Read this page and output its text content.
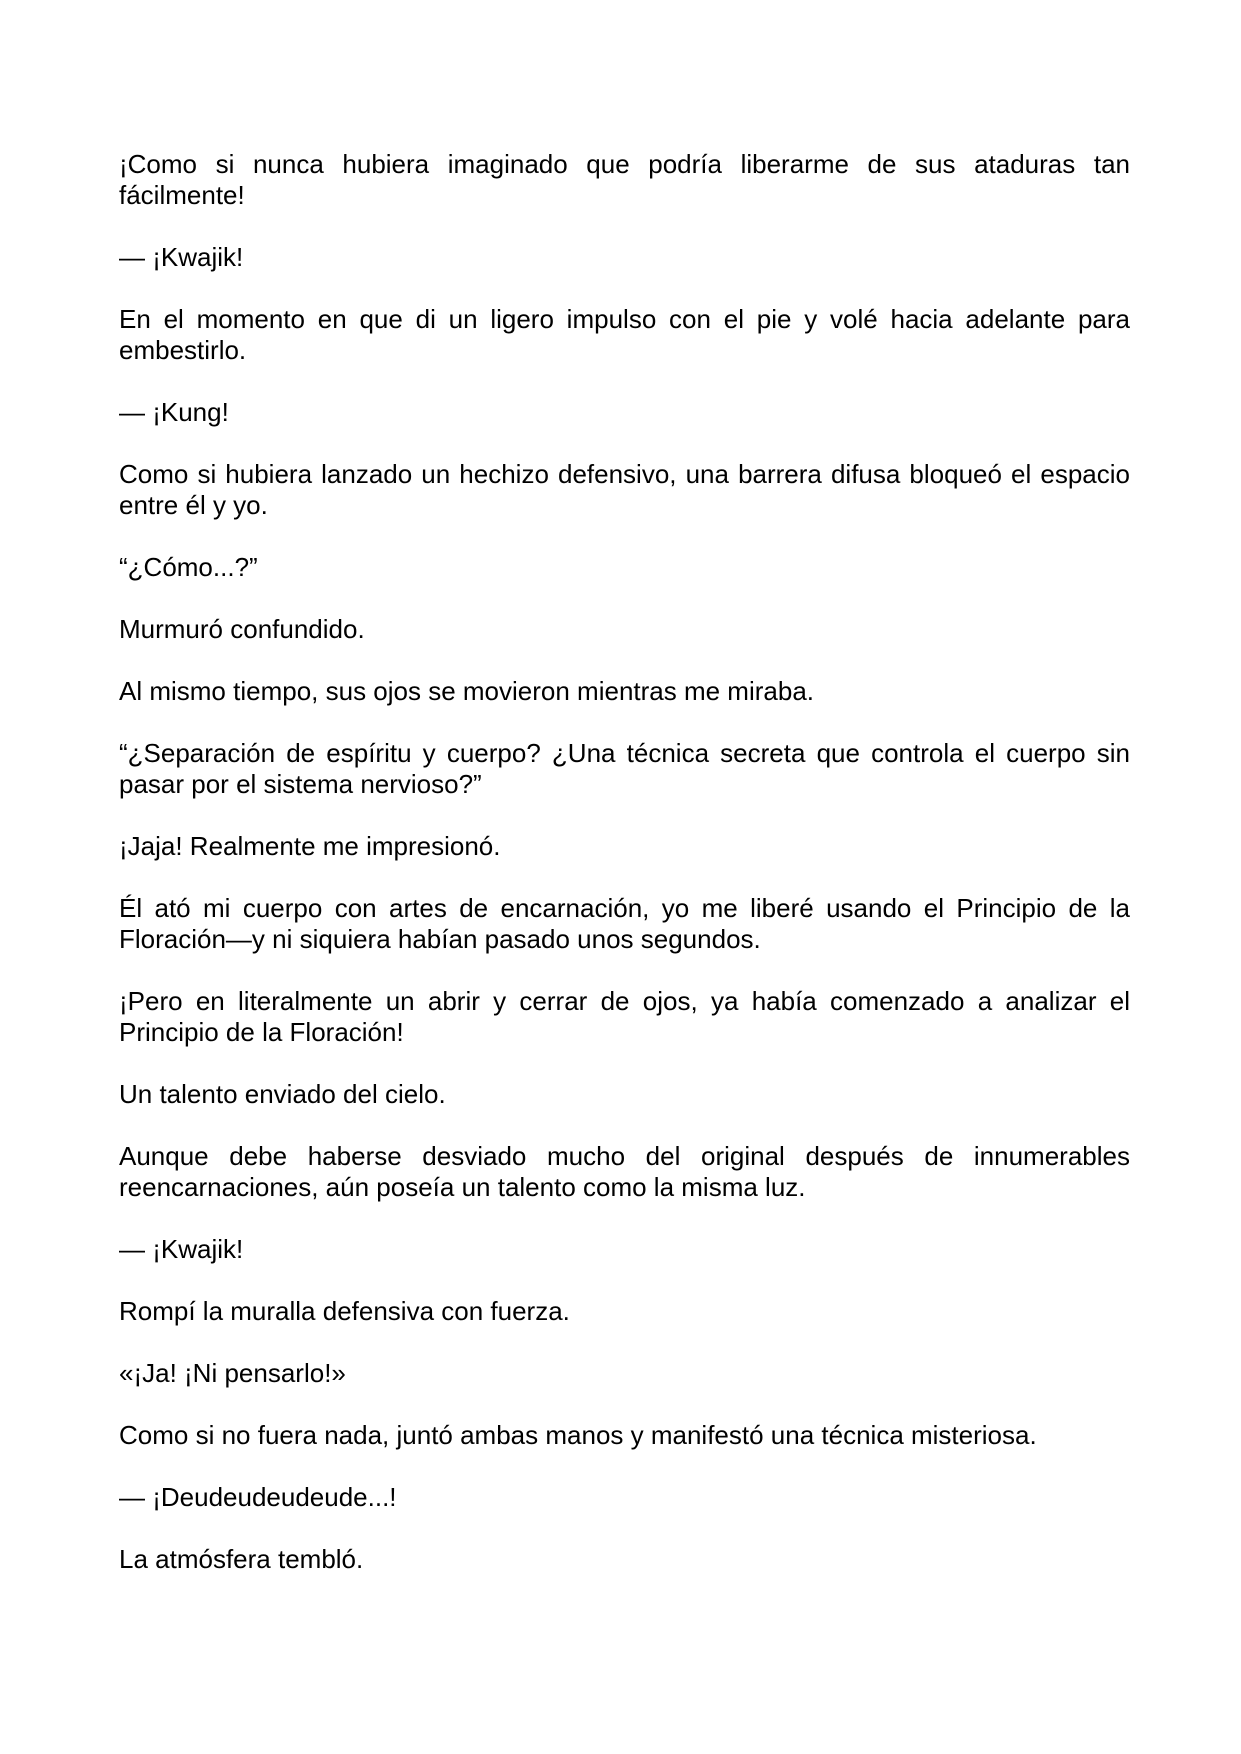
¡Como si nunca hubiera imaginado que podría liberarme de sus ataduras tan fácilmente!

— ¡Kwajik!

En el momento en que di un ligero impulso con el pie y volé hacia adelante para embestirlo.

— ¡Kung!

Como si hubiera lanzado un hechizo defensivo, una barrera difusa bloqueó el espacio entre él y yo.

“¿Cómo...?”

Murmuró confundido.

Al mismo tiempo, sus ojos se movieron mientras me miraba.

“¿Separación de espíritu y cuerpo? ¿Una técnica secreta que controla el cuerpo sin pasar por el sistema nervioso?”

¡Jaja! Realmente me impresionó.

Él ató mi cuerpo con artes de encarnación, yo me liberé usando el Principio de la Floración—y ni siquiera habían pasado unos segundos.

¡Pero en literalmente un abrir y cerrar de ojos, ya había comenzado a analizar el Principio de la Floración!

Un talento enviado del cielo.

Aunque debe haberse desviado mucho del original después de innumerables reencarnaciones, aún poseía un talento como la misma luz.

— ¡Kwajik!

Rompí la muralla defensiva con fuerza.

«¡Ja! ¡Ni pensarlo!»

Como si no fuera nada, juntó ambas manos y manifestó una técnica misteriosa.

— ¡Deudeudeudeude...!

La atmósfera tembló.
